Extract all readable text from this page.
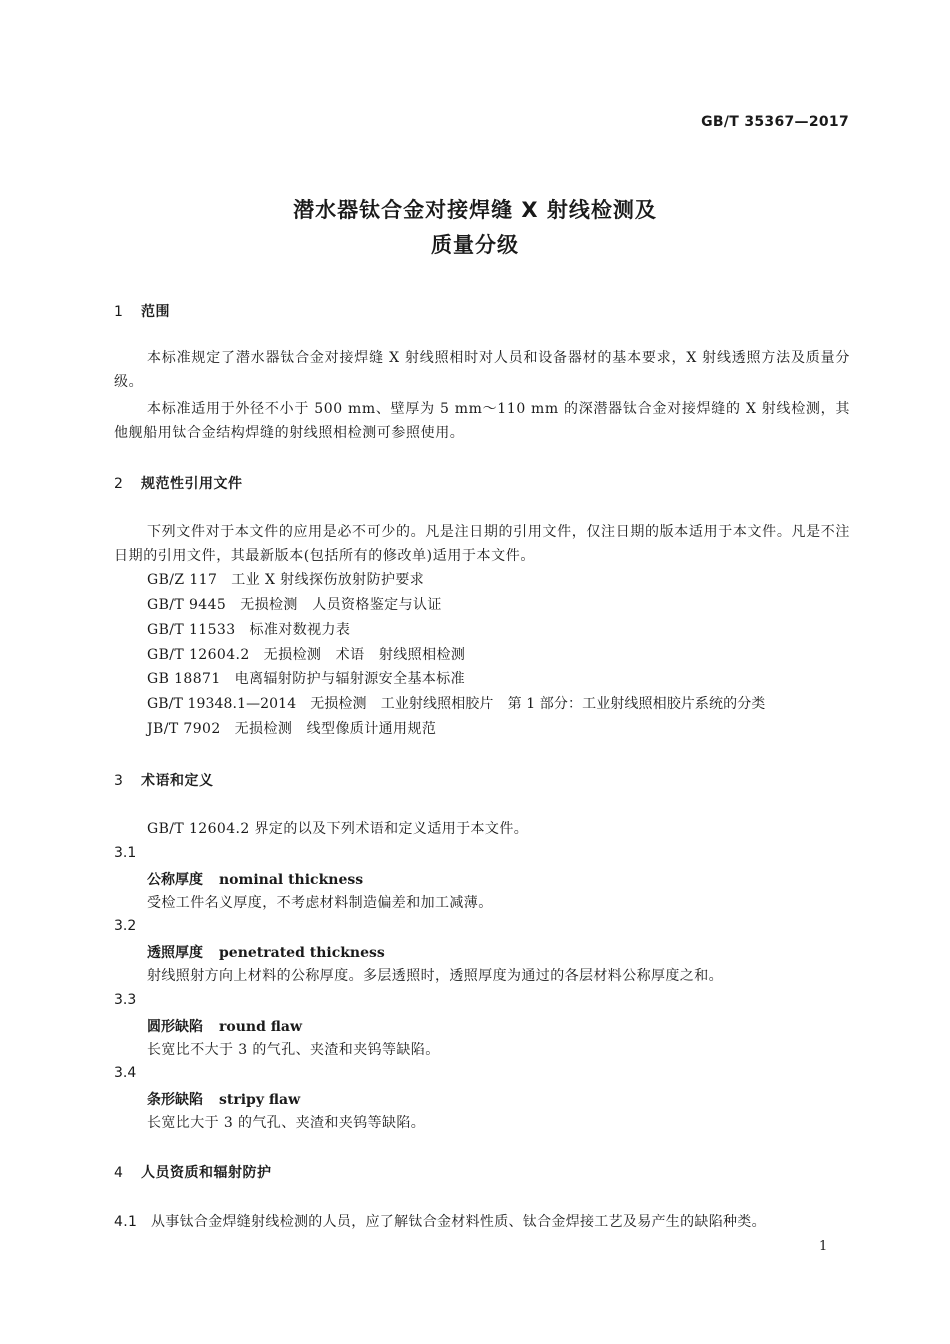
GB/T 35367—2017
潜水器钛合金对接焊缝 X 射线检测及
质量分级
1 范围
本标准规定了潜水器钛合金对接焊缝 X 射线照相时对人员和设备器材的基本要求，X 射线透照方法及质量分级。
本标准适用于外径不小于 500 mm、壁厚为 5 mm～110 mm 的深潜器钛合金对接焊缝的 X 射线检测，其他舰船用钛合金结构焊缝的射线照相检测可参照使用。
2 规范性引用文件
下列文件对于本文件的应用是必不可少的。凡是注日期的引用文件，仅注日期的版本适用于本文件。凡是不注日期的引用文件，其最新版本(包括所有的修改单)适用于本文件。
GB/Z 117 工业 X 射线探伤放射防护要求
GB/T 9445 无损检测　人员资格鉴定与认证
GB/T 11533 标准对数视力表
GB/T 12604.2 无损检测　术语　射线照相检测
GB 18871 电离辐射防护与辐射源安全基本标准
GB/T 19348.1—2014 无损检测　工业射线照相胶片　第 1 部分：工业射线照相胶片系统的分类
JB/T 7902 无损检测　线型像质计通用规范
3 术语和定义
GB/T 12604.2 界定的以及下列术语和定义适用于本文件。
3.1
公称厚度 nominal thickness
受检工件名义厚度，不考虑材料制造偏差和加工减薄。
3.2
透照厚度 penetrated thickness
射线照射方向上材料的公称厚度。多层透照时，透照厚度为通过的各层材料公称厚度之和。
3.3
圆形缺陷 round flaw
长宽比不大于 3 的气孔、夹渣和夹钨等缺陷。
3.4
条形缺陷 stripy flaw
长宽比大于 3 的气孔、夹渣和夹钨等缺陷。
4 人员资质和辐射防护
4.1 从事钛合金焊缝射线检测的人员，应了解钛合金材料性质、钛合金焊接工艺及易产生的缺陷种类。
1
